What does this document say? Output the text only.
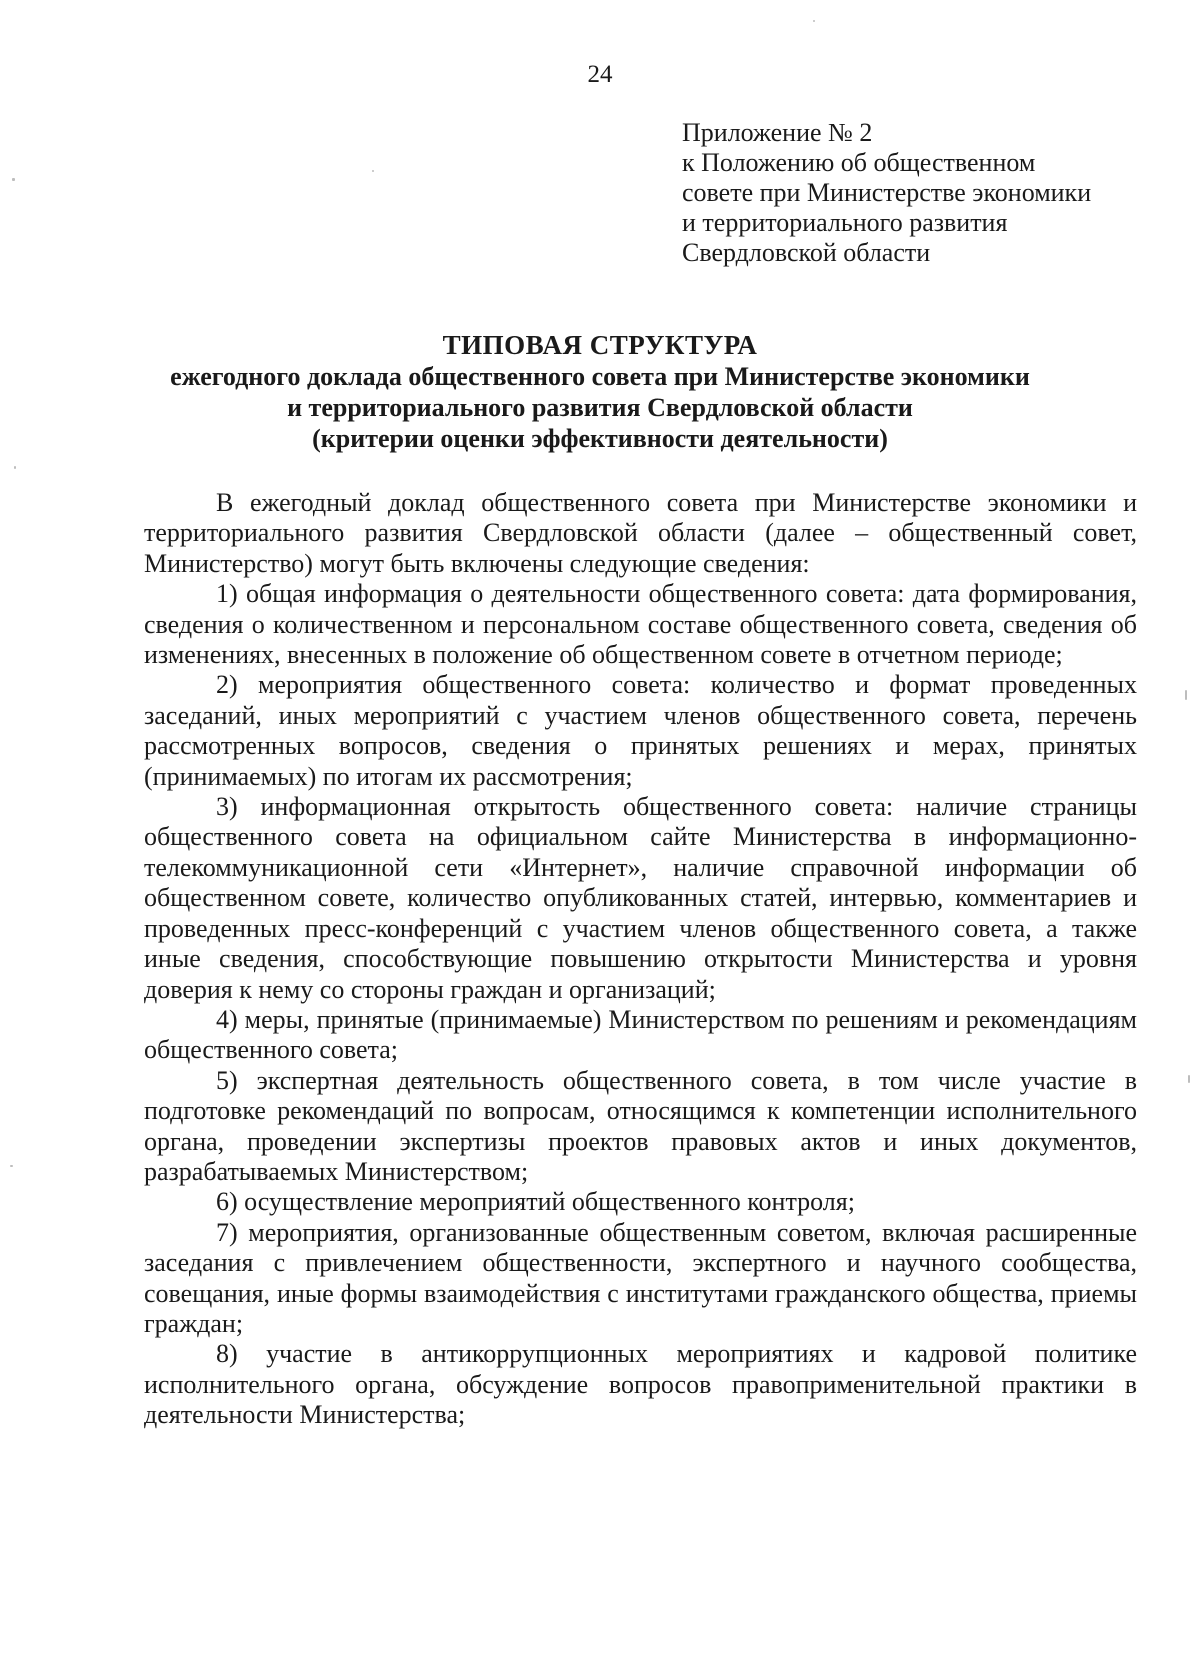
24
Приложение № 2
к Положению об общественном
совете при Министерстве экономики
и территориального развития
Свердловской области
ТИПОВАЯ СТРУКТУРА
ежегодного доклада общественного совета при Министерстве экономики
и территориального развития Свердловской области
(критерии оценки эффективности деятельности)

В ежегодный доклад общественного совета при Министерстве экономики и территориального развития Свердловской области (далее – общественный совет, Министерство) могут быть включены следующие сведения:

1) общая информация о деятельности общественного совета: дата формирования, сведения о количественном и персональном составе общественного совета, сведения об изменениях, внесенных в положение об общественном совете в отчетном периоде;

2) мероприятия общественного совета: количество и формат проведенных заседаний, иных мероприятий с участием членов общественного совета, перечень рассмотренных вопросов, сведения о принятых решениях и мерах, принятых (принимаемых) по итогам их рассмотрения;

3) информационная открытость общественного совета: наличие страницы общественного совета на официальном сайте Министерства в информационно-телекоммуникационной сети «Интернет», наличие справочной информации об общественном совете, количество опубликованных статей, интервью, комментариев и проведенных пресс-конференций с участием членов общественного совета, а также иные сведения, способствующие повышению открытости Министерства и уровня доверия к нему со стороны граждан и организаций;

4) меры, принятые (принимаемые) Министерством по решениям и рекомендациям общественного совета;

5) экспертная деятельность общественного совета, в том числе участие в подготовке рекомендаций по вопросам, относящимся к компетенции исполнительного органа, проведении экспертизы проектов правовых актов и иных документов, разрабатываемых Министерством;

6) осуществление мероприятий общественного контроля;

7) мероприятия, организованные общественным советом, включая расширенные заседания с привлечением общественности, экспертного и научного сообщества, совещания, иные формы взаимодействия с институтами гражданского общества, приемы граждан;

8) участие в антикоррупционных мероприятиях и кадровой политике исполнительного органа, обсуждение вопросов правоприменительной практики в деятельности Министерства;
